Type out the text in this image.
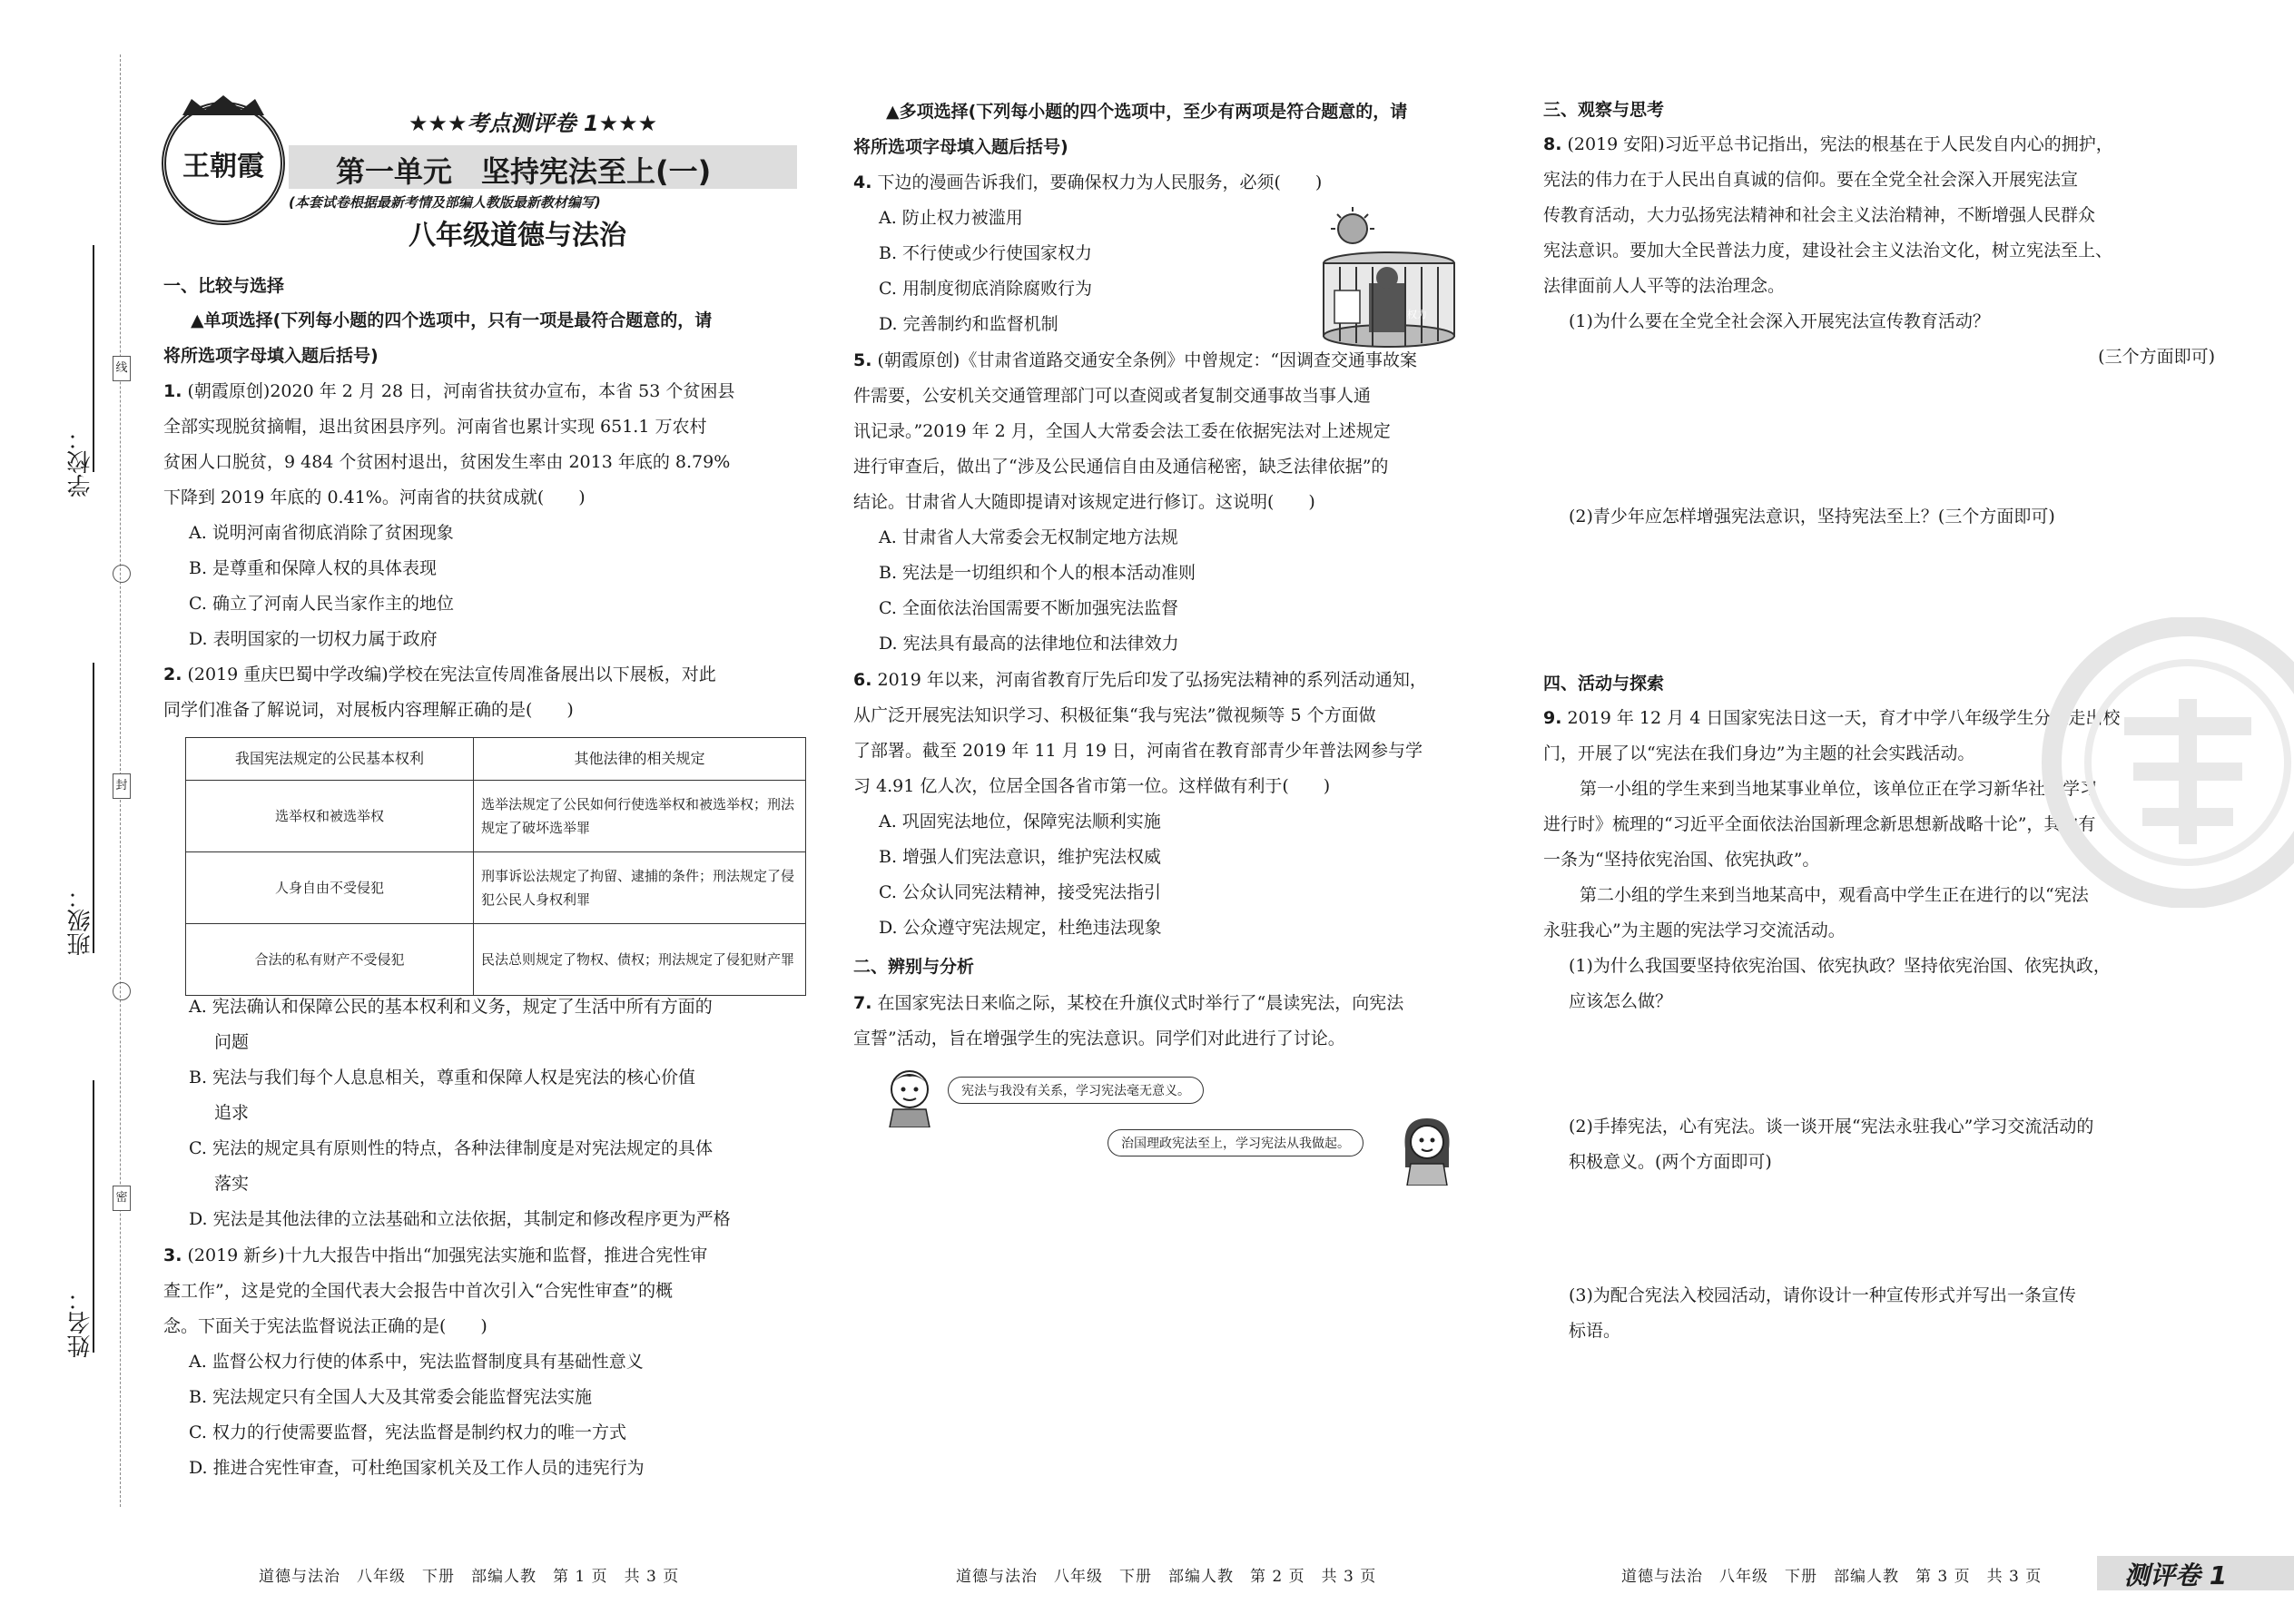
学校：
线
班级：
封
姓名：
密
王朝霞
★★★考点测评卷 1★★★
第一单元　坚持宪法至上(一)
(本套试卷根据最新考情及部编人教版最新教材编写)
八年级道德与法治
一、比较与选择
▲单项选择(下列每小题的四个选项中，只有一项是最符合题意的，请
将所选项字母填入题后括号)
1. (朝霞原创)2020 年 2 月 28 日，河南省扶贫办宣布，本省 53 个贫困县
全部实现脱贫摘帽，退出贫困县序列。河南省也累计实现 651.1 万农村
贫困人口脱贫，9 484 个贫困村退出，贫困发生率由 2013 年底的 8.79%
下降到 2019 年底的 0.41%。河南省的扶贫成就(　　)
A. 说明河南省彻底消除了贫困现象
B. 是尊重和保障人权的具体表现
C. 确立了河南人民当家作主的地位
D. 表明国家的一切权力属于政府
2. (2019 重庆巴蜀中学改编)学校在宪法宣传周准备展出以下展板，对此
同学们准备了解说词，对展板内容理解正确的是(　　)
我国宪法规定的公民基本权利	其他法律的相关规定
选举权和被选举权	选举法规定了公民如何行使选举权和被选举权；刑法规定了破坏选举罪
人身自由不受侵犯	刑事诉讼法规定了拘留、逮捕的条件；刑法规定了侵犯公民人身权利罪
合法的私有财产不受侵犯	民法总则规定了物权、债权；刑法规定了侵犯财产罪
A. 宪法确认和保障公民的基本权利和义务，规定了生活中所有方面的
问题
B. 宪法与我们每个人息息相关，尊重和保障人权是宪法的核心价值
追求
C. 宪法的规定具有原则性的特点，各种法律制度是对宪法规定的具体
落实
D. 宪法是其他法律的立法基础和立法依据，其制定和修改程序更为严格
3. (2019 新乡)十九大报告中指出“加强宪法实施和监督，推进合宪性审
查工作”，这是党的全国代表大会报告中首次引入“合宪性审查”的概
念。下面关于宪法监督说法正确的是(　　)
A. 监督公权力行使的体系中，宪法监督制度具有基础性意义
B. 宪法规定只有全国人大及其常委会能监督宪法实施
C. 权力的行使需要监督，宪法监督是制约权力的唯一方式
D. 推进合宪性审查，可杜绝国家机关及工作人员的违宪行为
道德与法治　八年级　下册　部编人教　第 1 页　共 3 页
▲多项选择(下列每小题的四个选项中，至少有两项是符合题意的，请
将所选项字母填入题后括号)
4. 下边的漫画告诉我们，要确保权力为人民服务，必须(　　)
A. 防止权力被滥用
B. 不行使或少行使国家权力
C. 用制度彻底消除腐败行为
D. 完善制约和监督机制	权力
5. (朝霞原创)《甘肃省道路交通安全条例》中曾规定：“因调查交通事故案
件需要，公安机关交通管理部门可以查阅或者复制交通事故当事人通
讯记录。”2019 年 2 月，全国人大常委会法工委在依据宪法对上述规定
进行审查后，做出了“涉及公民通信自由及通信秘密，缺乏法律依据”的
结论。甘肃省人大随即提请对该规定进行修订。这说明(　　)
A. 甘肃省人大常委会无权制定地方法规
B. 宪法是一切组织和个人的根本活动准则
C. 全面依法治国需要不断加强宪法监督
D. 宪法具有最高的法律地位和法律效力
6. 2019 年以来，河南省教育厅先后印发了弘扬宪法精神的系列活动通知，
从广泛开展宪法知识学习、积极征集“我与宪法”微视频等 5 个方面做
了部署。截至 2019 年 11 月 19 日，河南省在教育部青少年普法网参与学
习 4.91 亿人次，位居全国各省市第一位。这样做有利于(　　)
A. 巩固宪法地位，保障宪法顺利实施
B. 增强人们宪法意识，维护宪法权威
C. 公众认同宪法精神，接受宪法指引
D. 公众遵守宪法规定，杜绝违法现象
二、辨别与分析
7. 在国家宪法日来临之际，某校在升旗仪式时举行了“晨读宪法，向宪法
宣誓”活动，旨在增强学生的宪法意识。同学们对此进行了讨论。
宪法与我没有关系，学习宪法毫无意义。
治国理政宪法至上，学习宪法从我做起。
道德与法治　八年级　下册　部编人教　第 2 页　共 3 页
三、观察与思考
8. (2019 安阳)习近平总书记指出，宪法的根基在于人民发自内心的拥护，
宪法的伟力在于人民出自真诚的信仰。要在全党全社会深入开展宪法宣
传教育活动，大力弘扬宪法精神和社会主义法治精神，不断增强人民群众
宪法意识。要加大全民普法力度，建设社会主义法治文化，树立宪法至上、
法律面前人人平等的法治理念。
(1)为什么要在全党全社会深入开展宪法宣传教育活动？
(三个方面即可)
(2)青少年应怎样增强宪法意识，坚持宪法至上？(三个方面即可)
四、活动与探索
9. 2019 年 12 月 4 日国家宪法日这一天，育才中学八年级学生分组走出校
门，开展了以“宪法在我们身边”为主题的社会实践活动。
第一小组的学生来到当地某事业单位，该单位正在学习新华社《学习
进行时》梳理的“习近平全面依法治国新理念新思想新战略十论”，其中有
一条为“坚持依宪治国、依宪执政”。
第二小组的学生来到当地某高中，观看高中学生正在进行的以“宪法
永驻我心”为主题的宪法学习交流活动。
(1)为什么我国要坚持依宪治国、依宪执政？坚持依宪治国、依宪执政，
应该怎么做？
(2)手捧宪法，心有宪法。谈一谈开展“宪法永驻我心”学习交流活动的
积极意义。(两个方面即可)
(3)为配合宪法入校园活动，请你设计一种宣传形式并写出一条宣传
标语。
道德与法治　八年级　下册　部编人教　第 3 页　共 3 页	测评卷 1
